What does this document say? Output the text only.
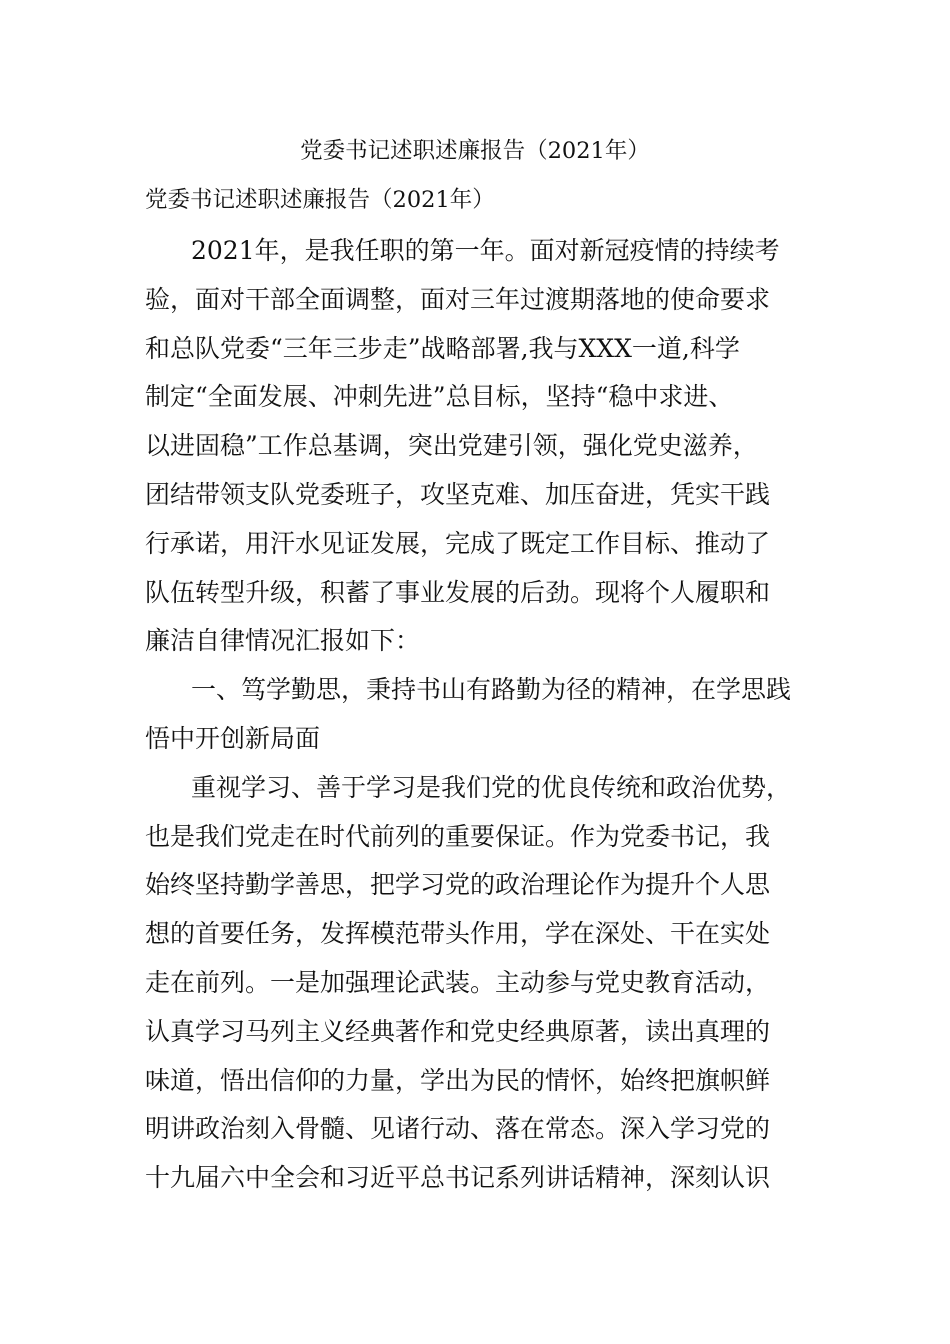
党委书记述职述廉报告（2021年）
党委书记述职述廉报告（2021年）
2021年，是我任职的第一年。面对新冠疫情的持续考
验，面对干部全面调整，面对三年过渡期落地的使命要求
和总队党委“三年三步走”战略部署,我与XXX一道,科学
制定“全面发展、冲刺先进”总目标，坚持“稳中求进、
以进固稳”工作总基调，突出党建引领，强化党史滋养，
团结带领支队党委班子，攻坚克难、加压奋进，凭实干践
行承诺，用汗水见证发展，完成了既定工作目标、推动了
队伍转型升级，积蓄了事业发展的后劲。现将个人履职和
廉洁自律情况汇报如下：
一、笃学勤思，秉持书山有路勤为径的精神，在学思践
悟中开创新局面
重视学习、善于学习是我们党的优良传统和政治优势，
也是我们党走在时代前列的重要保证。作为党委书记，我
始终坚持勤学善思，把学习党的政治理论作为提升个人思
想的首要任务，发挥模范带头作用，学在深处、干在实处
走在前列。一是加强理论武装。主动参与党史教育活动，
认真学习马列主义经典著作和党史经典原著，读出真理的
味道，悟出信仰的力量，学出为民的情怀，始终把旗帜鲜
明讲政治刻入骨髓、见诸行动、落在常态。深入学习党的
十九届六中全会和习近平总书记系列讲话精神，深刻认识
